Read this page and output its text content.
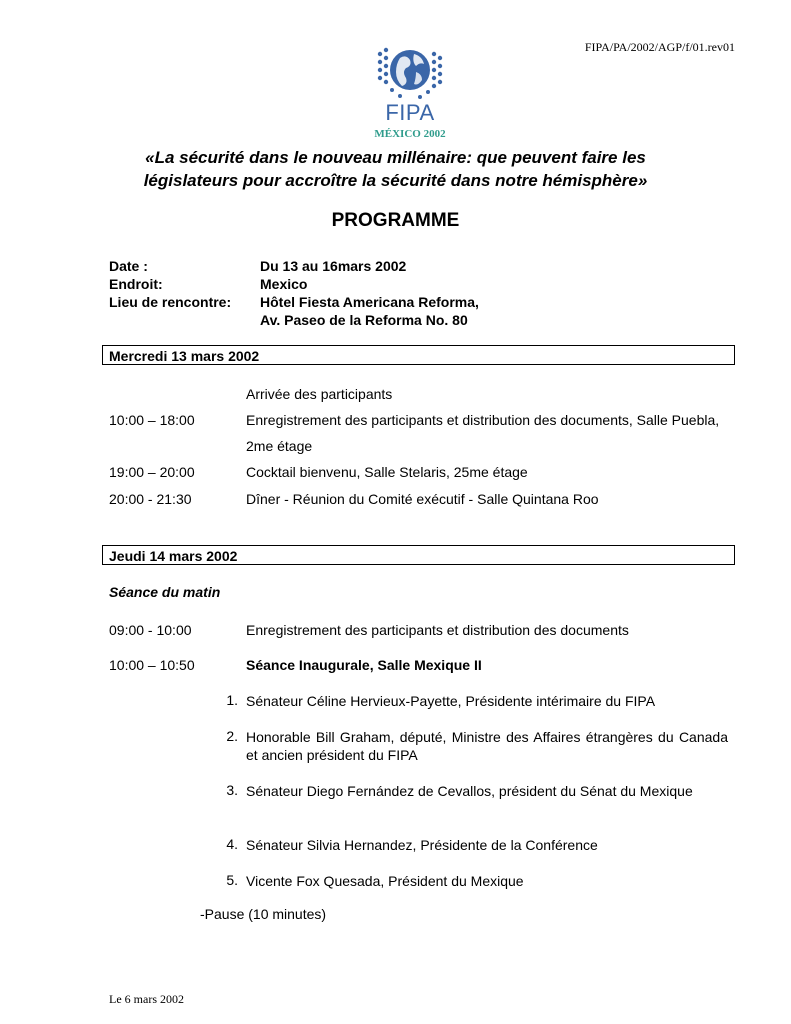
FIPA/PA/2002/AGP/f/01.rev01
FIPA
MÉXICO 2002
«La sécurité dans le nouveau millénaire: que peuvent faire les
législateurs pour accroître la sécurité dans notre hémisphère»
PROGRAMME
Date :	Du 13 au 16mars 2002
Endroit:	Mexico
Lieu de rencontre: Hôtel Fiesta Americana Reforma,
Av. Paseo de la Reforma No. 80
Mercredi 13 mars 2002
Arrivée des participants
10:00 – 18:00	Enregistrement des participants et distribution des documents, Salle Puebla, 2me étage
19:00 – 20:00	Cocktail bienvenu, Salle Stelaris, 25me étage
20:00 - 21:30	Dîner - Réunion du Comité exécutif - Salle Quintana Roo
Jeudi 14 mars 2002
Séance du matin
09:00 - 10:00	Enregistrement des participants et distribution des documents
10:00 – 10:50	Séance Inaugurale, Salle Mexique II
1. Sénateur Céline Hervieux-Payette, Présidente intérimaire du FIPA
2. Honorable Bill Graham, député, Ministre des Affaires étrangères du Canada et ancien président du FIPA
3. Sénateur Diego Fernández de Cevallos, président du Sénat du Mexique
4. Sénateur Silvia Hernandez, Présidente de la Conférence
5. Vicente Fox Quesada, Président du Mexique
-Pause (10 minutes)
Le 6 mars 2002
